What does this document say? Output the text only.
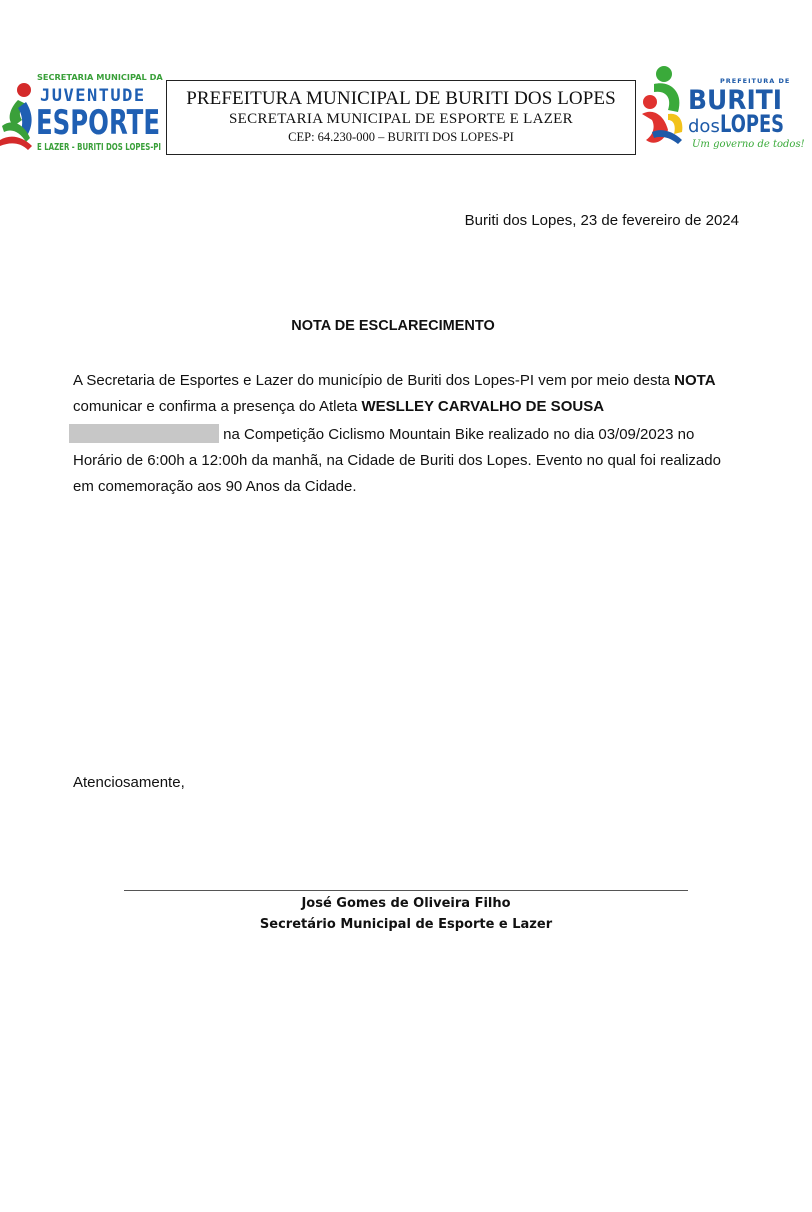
SECRETARIA MUNICIPAL DA
JUVENTUDE
ESPORTE
E LAZER - BURITI DOS LOPES-PI
PREFEITURA MUNICIPAL DE BURITI DOS LOPES
SECRETARIA MUNICIPAL DE ESPORTE E LAZER
CEP: 64.230-000 – BURITI DOS LOPES-PI
PREFEITURA DE
BURITI
dos LOPES
Um governo de todos!
Buriti dos Lopes, 23 de fevereiro de 2024
NOTA DE ESCLARECIMENTO
A Secretaria de Esportes e Lazer do município de Buriti dos Lopes-PI vem por meio desta NOTA
comunicar e confirma a presença do Atleta WESLLEY CARVALHO DE SOUSA
na Competição Ciclismo Mountain Bike realizado no dia 03/09/2023 no
Horário de 6:00h a 12:00h da manhã, na Cidade de Buriti dos Lopes. Evento no qual foi realizado
em comemoração aos 90 Anos da Cidade.
Atenciosamente,
José Gomes de Oliveira Filho
Secretário Municipal de Esporte e Lazer
